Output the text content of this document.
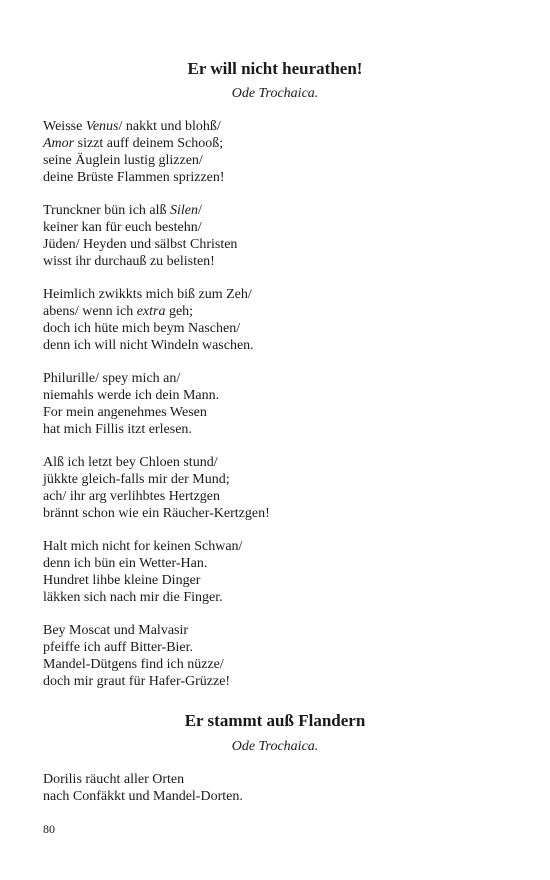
Er will nicht heurathen!

Ode Trochaica.

Weisse Venus/ nakkt und blohß/
Amor sizzt auff deinem Schooß;
seine Äuglein lustig glizzen/
deine Brüste Flammen sprizzen!
Trunckner bün ich alß Silen/
keiner kan für euch bestehn/
Jüden/ Heyden und sälbst Christen
wisst ihr durchauß zu belisten!
Heimlich zwikkts mich biß zum Zeh/
abens/ wenn ich extra geh;
doch ich hüte mich beym Naschen/
denn ich will nicht Windeln waschen.
Philurille/ spey mich an/
niemahls werde ich dein Mann.
For mein angenehmes Wesen
hat mich Fillis itzt erlesen.
Alß ich letzt bey Chloen stund/
jükkte gleich-falls mir der Mund;
ach/ ihr arg verlihbtes Hertzgen
brännt schon wie ein Räucher-Kertzgen!
Halt mich nicht for keinen Schwan/
denn ich bün ein Wetter-Han.
Hundret lihbe kleine Dinger
läkken sich nach mir die Finger.
Bey Moscat und Malvasir
pfeiffe ich auff Bitter-Bier.
Mandel-Dütgens find ich nüzze/
doch mir graut für Hafer-Grüzze!
Er stammt auß Flandern

Ode Trochaica.

Dorilis räucht aller Orten
nach Confäkkt und Mandel-Dorten.
80
